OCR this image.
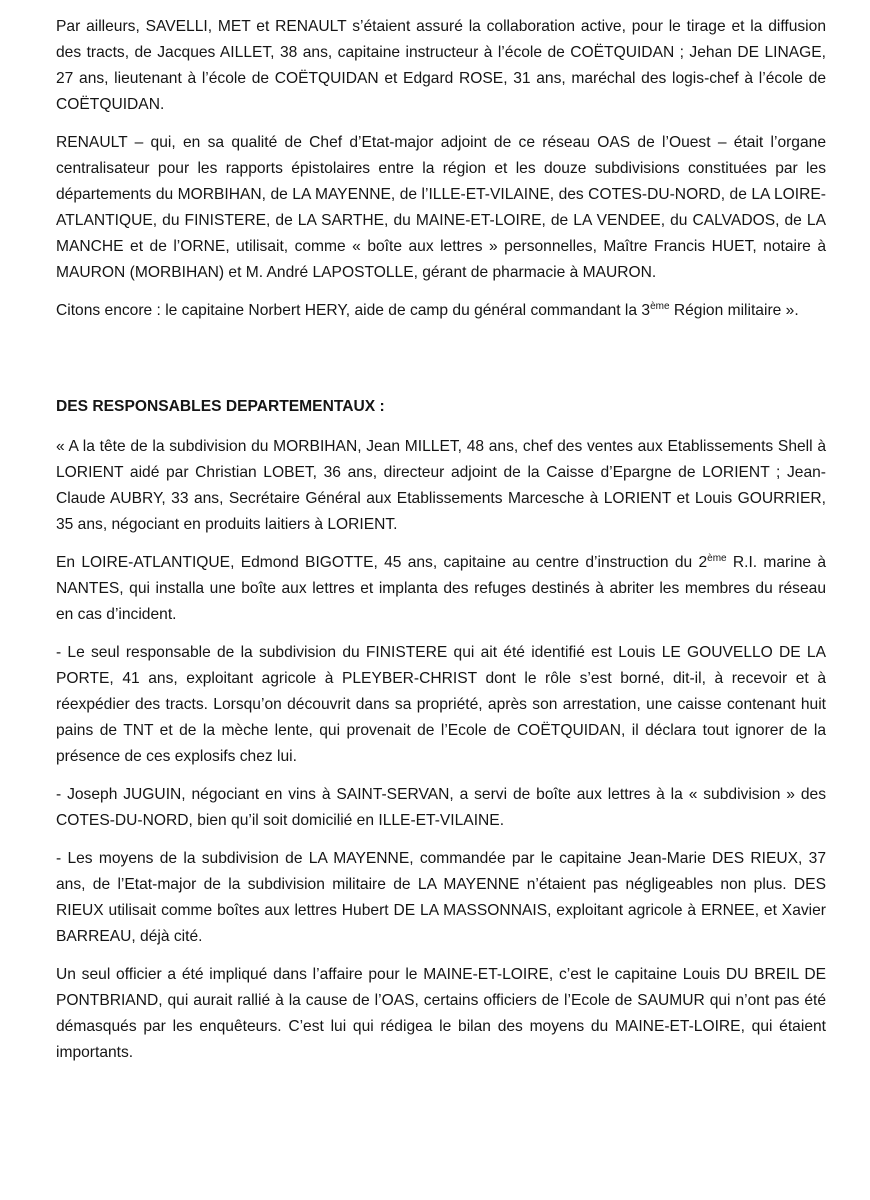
Par ailleurs, SAVELLI, MET et RENAULT s’étaient assuré la collaboration active, pour le tirage et la diffusion des tracts, de Jacques AILLET, 38 ans, capitaine instructeur à l’école de COËTQUIDAN ; Jehan DE LINAGE, 27 ans, lieutenant à l’école de COËTQUIDAN et Edgard ROSE, 31 ans, maréchal des logis-chef à l’école de COËTQUIDAN.

RENAULT – qui, en sa qualité de Chef d’Etat-major adjoint de ce réseau OAS de l’Ouest – était l’organe centralisateur pour les rapports épistolaires entre la région et les douze subdivisions constituées par les départements du MORBIHAN, de LA MAYENNE, de l’ILLE-ET-VILAINE, des COTES-DU-NORD, de LA LOIRE-ATLANTIQUE, du FINISTERE, de LA SARTHE, du MAINE-ET-LOIRE, de LA VENDEE, du CALVADOS, de LA MANCHE et de l’ORNE, utilisait, comme « boîte aux lettres » personnelles, Maître Francis HUET, notaire à MAURON (MORBIHAN) et M. André LAPOSTOLLE, gérant de pharmacie à MAURON.

Citons encore : le capitaine Norbert HERY, aide de camp du général commandant la 3ème Région militaire ».

DES RESPONSABLES DEPARTEMENTAUX :

« A la tête de la subdivision du MORBIHAN, Jean MILLET, 48 ans, chef des ventes aux Etablissements Shell à LORIENT aidé par Christian LOBET, 36 ans, directeur adjoint de la Caisse d’Epargne de LORIENT ; Jean-Claude AUBRY, 33 ans, Secrétaire Général aux Etablissements Marcesche à LORIENT et Louis GOURRIER, 35 ans, négociant en produits laitiers à LORIENT.

En LOIRE-ATLANTIQUE, Edmond BIGOTTE, 45 ans, capitaine au centre d’instruction du 2ème R.I. marine à NANTES, qui installa une boîte aux lettres et implanta des refuges destinés à abriter les membres du réseau en cas d’incident.

- Le seul responsable de la subdivision du FINISTERE qui ait été identifié est Louis LE GOUVELLO DE LA PORTE, 41 ans, exploitant agricole à PLEYBER-CHRIST dont le rôle s’est borné, dit-il, à recevoir et à réexpédier des tracts. Lorsqu’on découvrit dans sa propriété, après son arrestation, une caisse contenant huit pains de TNT et de la mèche lente, qui provenait de l’Ecole de COËTQUIDAN, il déclara tout ignorer de la présence de ces explosifs chez lui.

- Joseph JUGUIN, négociant en vins à SAINT-SERVAN, a servi de boîte aux lettres à la « subdivision » des COTES-DU-NORD, bien qu’il soit domicilié en ILLE-ET-VILAINE.

- Les moyens de la subdivision de LA MAYENNE, commandée par le capitaine Jean-Marie DES RIEUX, 37 ans, de l’Etat-major de la subdivision militaire de LA MAYENNE n’étaient pas négligeables non plus. DES RIEUX utilisait comme boîtes aux lettres Hubert DE LA MASSONNAIS, exploitant agricole à ERNEE, et Xavier BARREAU, déjà cité.

Un seul officier a été impliqué dans l’affaire pour le MAINE-ET-LOIRE, c’est le capitaine Louis DU BREIL DE PONTBRIAND, qui aurait rallié à la cause de l’OAS, certains officiers de l’Ecole de SAUMUR qui n’ont pas été démasqués par les enquêteurs. C’est lui qui rédigea le bilan des moyens du MAINE-ET-LOIRE, qui étaient importants.
